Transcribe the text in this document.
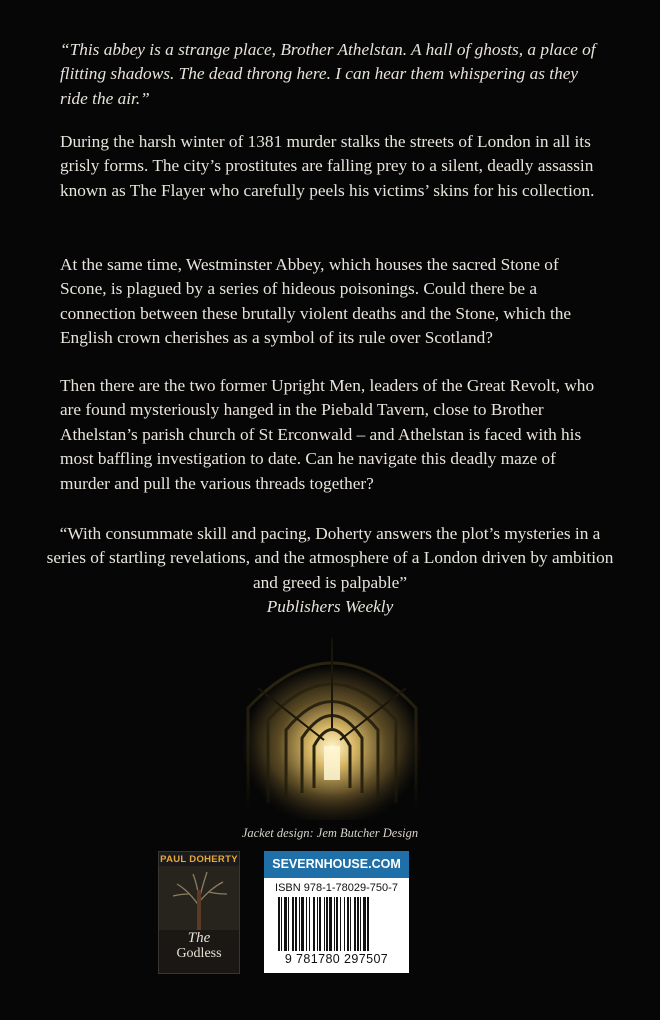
“This abbey is a strange place, Brother Athelstan. A hall of ghosts, a place of flitting shadows. The dead throng here. I can hear them whispering as they ride the air.”

During the harsh winter of 1381 murder stalks the streets of London in all its grisly forms. The city’s prostitutes are falling prey to a silent, deadly assassin known as The Flayer who carefully peels his victims’ skins for his collection.

At the same time, Westminster Abbey, which houses the sacred Stone of Scone, is plagued by a series of hideous poisonings. Could there be a connection between these brutally violent deaths and the Stone, which the English crown cherishes as a symbol of its rule over Scotland?

Then there are the two former Upright Men, leaders of the Great Revolt, who are found mysteriously hanged in the Piebald Tavern, close to Brother Athelstan’s parish church of St Erconwald – and Athelstan is faced with his most baffling investigation to date. Can he navigate this deadly maze of murder and pull the various threads together?

“With consummate skill and pacing, Doherty answers the plot’s mysteries in a series of startling revelations, and the atmosphere of a London driven by ambition and greed is palpable”
Publishers Weekly
Jacket design: Jem Butcher Design
PAUL DOHERTY
The
Godless
SEVERNHOUSE.COM
ISBN 978-1-78029-750-7
9 781780 297507
